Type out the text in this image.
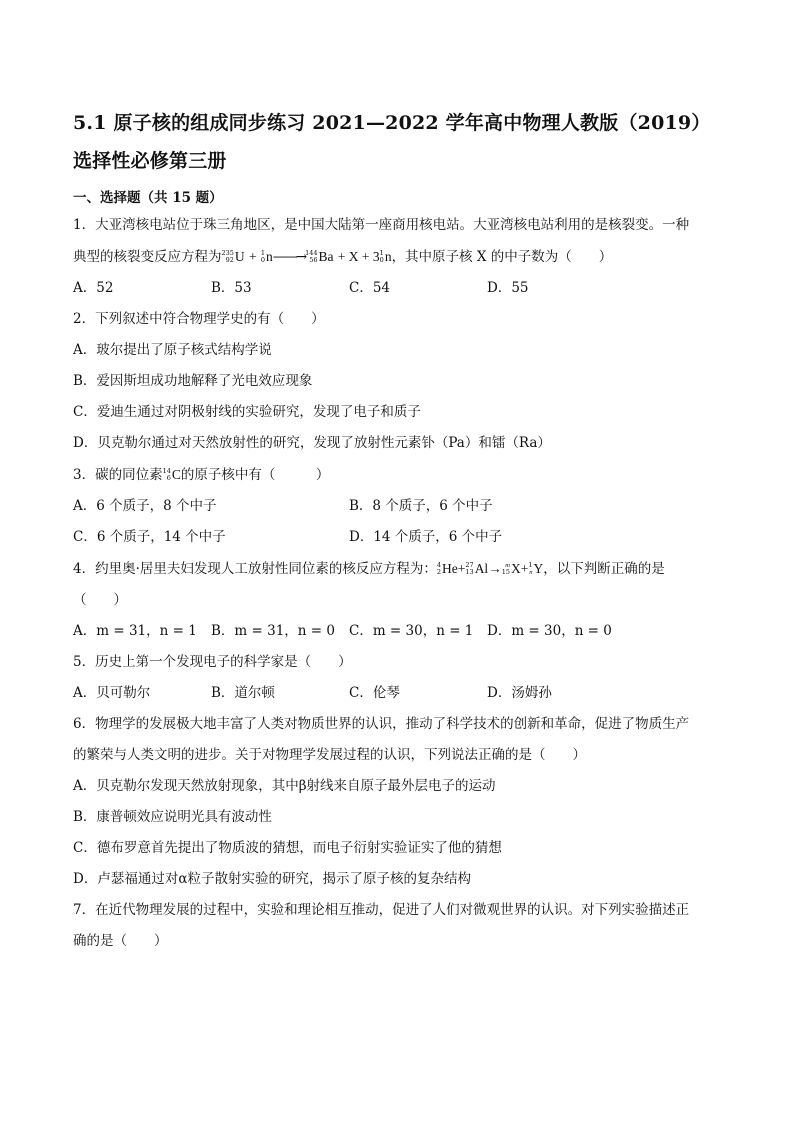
5.1 原子核的组成同步练习 2021—2022 学年高中物理人教版（2019）
选择性必修第三册
一、选择题（共 15 题）

1．大亚湾核电站位于珠三角地区，是中国大陆第一座商用核电站。大亚湾核电站利用的是核裂变。一种

典型的核裂变反应方程为 235
92 U + 1
0 n——→ 144
56 Ba + X + 3 1
0 n，其中原子核 X 的中子数为（　　）

A．52	B．53	C．54	D．55

2．下列叙述中符合物理学史的有（　　）

A．玻尔提出了原子核式结构学说

B．爱因斯坦成功地解释了光电效应现象

C．爱迪生通过对阴极射线的实验研究，发现了电子和质子

D．贝克勒尔通过对天然放射性的研究，发现了放射性元素钋（Pa）和镭（Ra）

3．碳的同位素 14
6 C的原子核中有（　　　）

A．6 个质子，8 个中子	B．8 个质子，6 个中子
C．6 个质子，14 个中子	D．14 个质子，6 个中子

4．约里奥·居里夫妇发现人工放射性同位素的核反应方程为： 4
2 He+ 27
13 Al→ m
15 X+ 1
n Y，以下判断正确的是

（　　）

A．m = 31，n = 1	B．m = 31，n = 0	C．m = 30，n = 1	D．m = 30，n = 0

5．历史上第一个发现电子的科学家是（　　）

A．贝可勒尔	B．道尔顿	C．伦琴	D．汤姆孙

6．物理学的发展极大地丰富了人类对物质世界的认识，推动了科学技术的创新和革命，促进了物质生产

的繁荣与人类文明的进步。关于对物理学发展过程的认识，下列说法正确的是（　　）

A．贝克勒尔发现天然放射现象，其中β射线来自原子最外层电子的运动

B．康普顿效应说明光具有波动性

C．德布罗意首先提出了物质波的猜想，而电子衍射实验证实了他的猜想

D．卢瑟福通过对α粒子散射实验的研究，揭示了原子核的复杂结构

7．在近代物理发展的过程中，实验和理论相互推动，促进了人们对微观世界的认识。对下列实验描述正

确的是（　　）
